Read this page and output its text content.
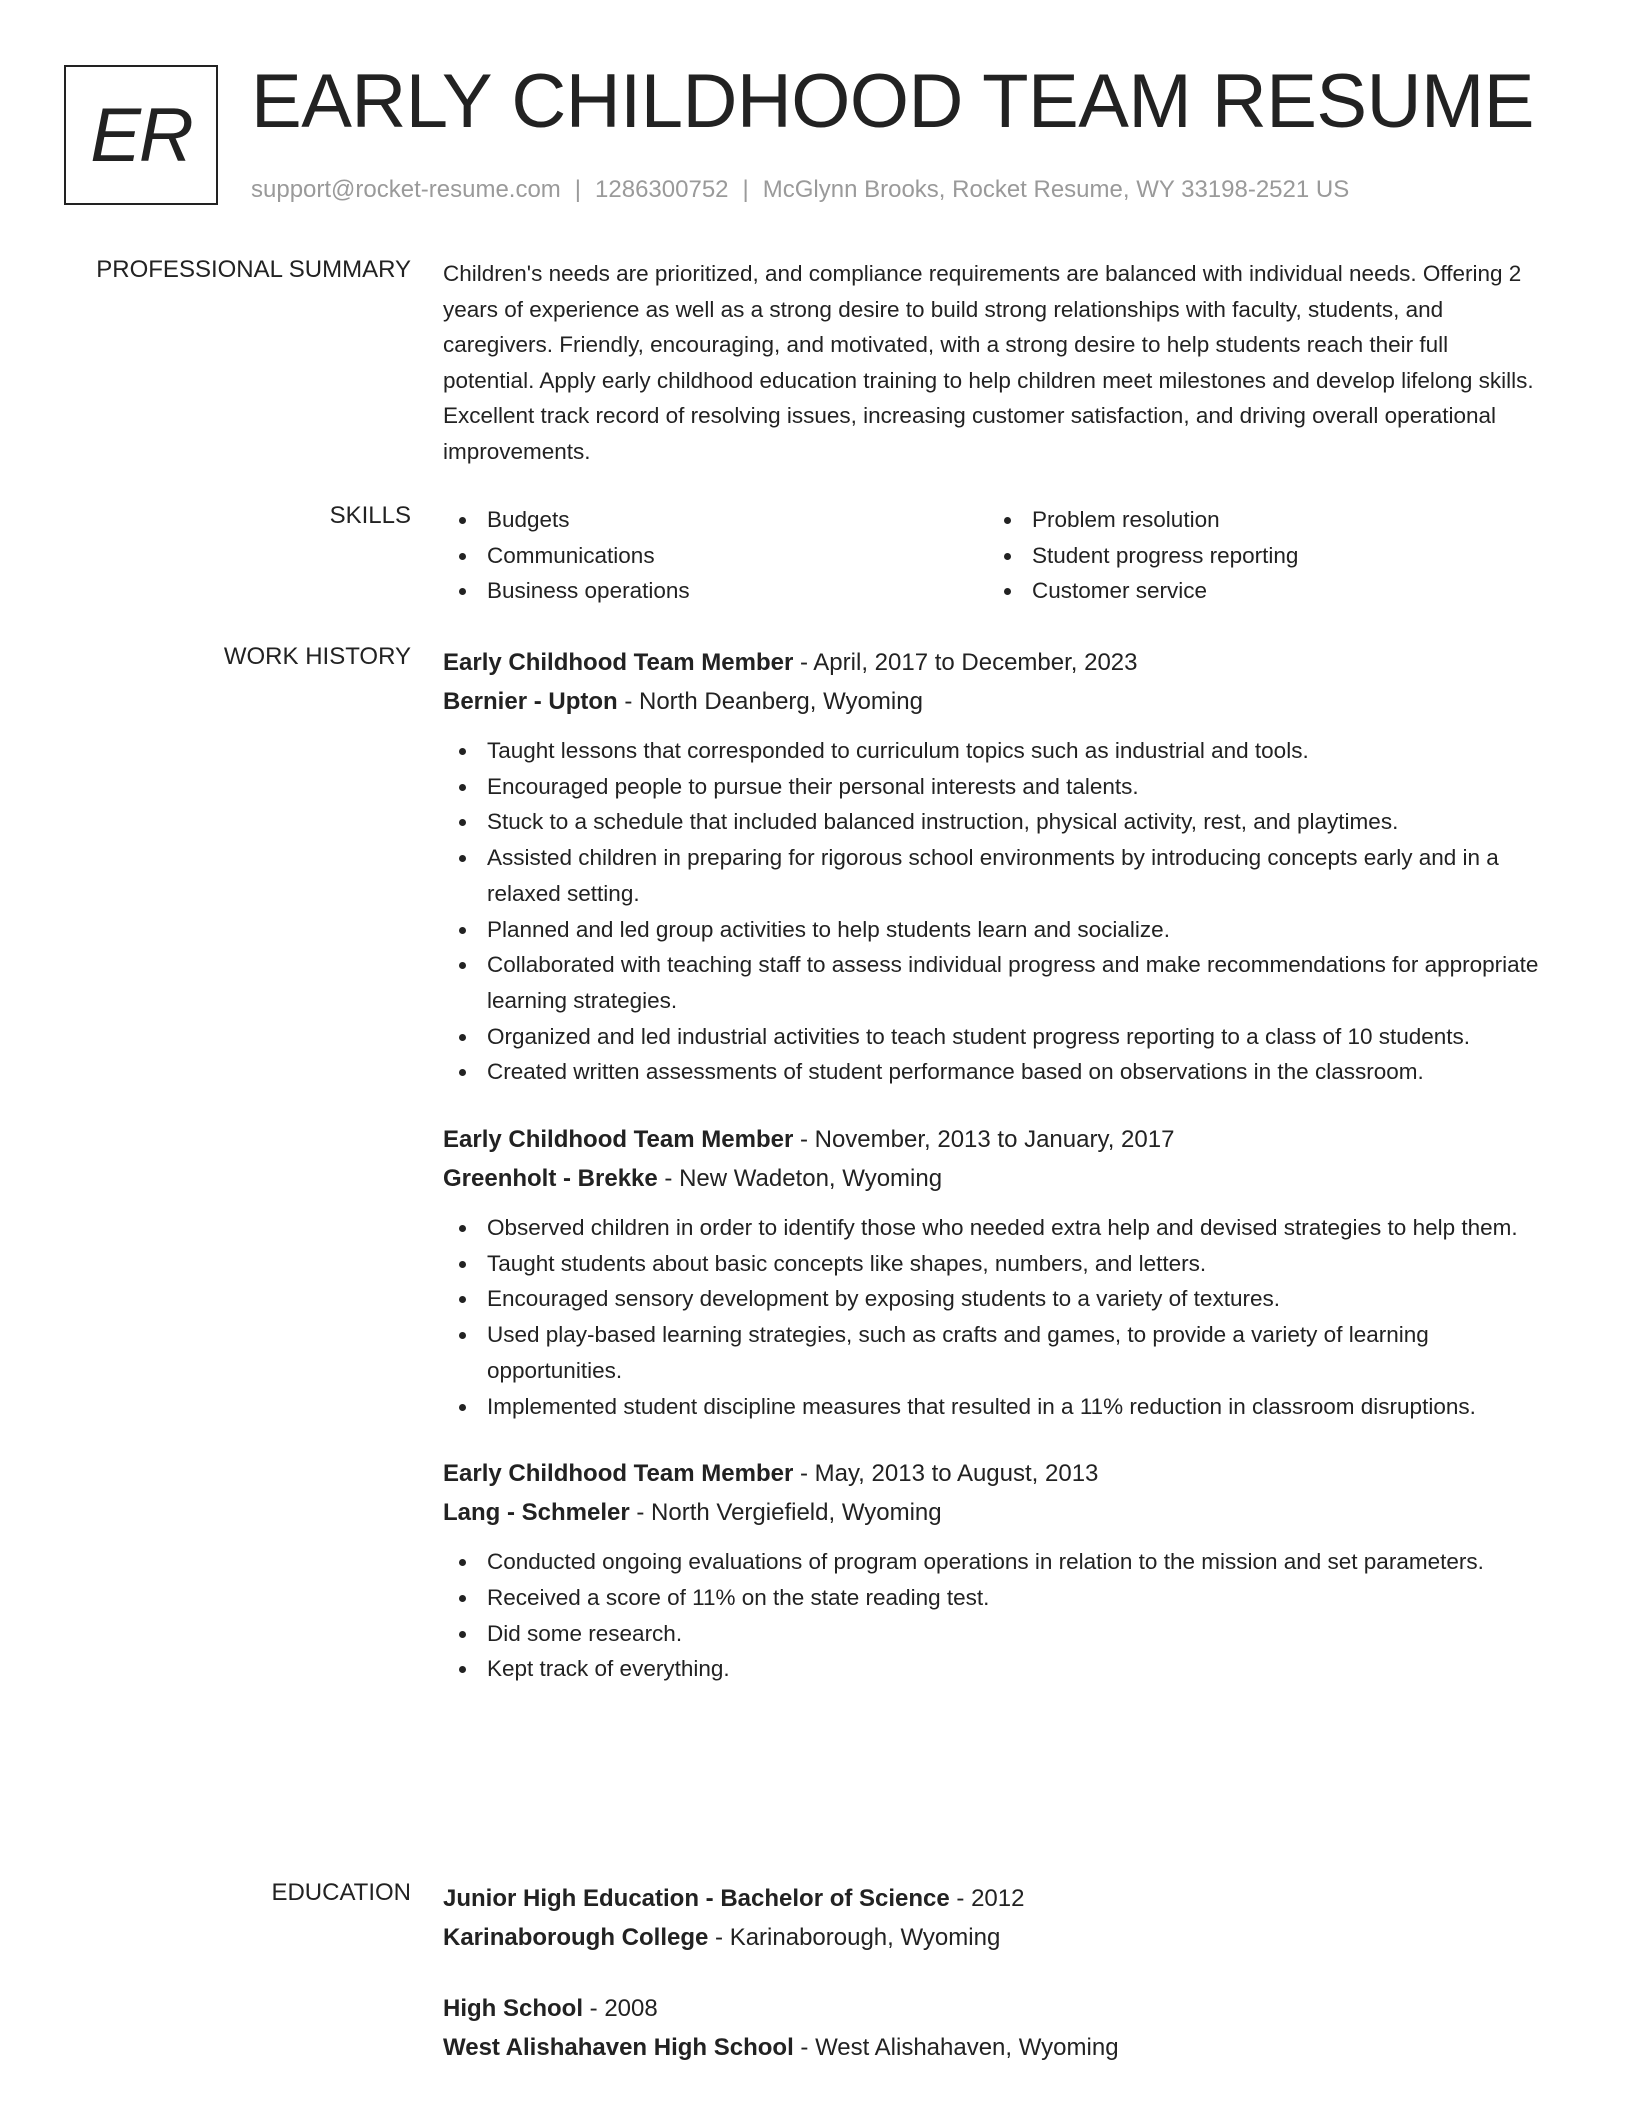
ER EARLY CHILDHOOD TEAM RESUME
support@rocket-resume.com | 1286300752 | McGlynn Brooks, Rocket Resume, WY 33198-2521 US
PROFESSIONAL SUMMARY Children's needs are prioritized, and compliance requirements are balanced with individual needs. Offering 2 years of experience as well as a strong desire to build strong relationships with faculty, students, and caregivers. Friendly, encouraging, and motivated, with a strong desire to help students reach their full potential. Apply early childhood education training to help children meet milestones and develop lifelong skills. Excellent track record of resolving issues, increasing customer satisfaction, and driving overall operational improvements.

SKILLS	Budgets
Communications
Business operations
Problem resolution
Student progress reporting
Customer service
WORK HISTORY Early Childhood Team Member - April, 2017 to December, 2023
Bernier - Upton - North Deanberg, Wyoming
Taught lessons that corresponded to curriculum topics such as industrial and tools.
Encouraged people to pursue their personal interests and talents.
Stuck to a schedule that included balanced instruction, physical activity, rest, and playtimes.
Assisted children in preparing for rigorous school environments by introducing concepts early and in a relaxed setting.
Planned and led group activities to help students learn and socialize.
Collaborated with teaching staff to assess individual progress and make recommendations for appropriate learning strategies.
Organized and led industrial activities to teach student progress reporting to a class of 10 students.
Created written assessments of student performance based on observations in the classroom.
Early Childhood Team Member - November, 2013 to January, 2017
Greenholt - Brekke - New Wadeton, Wyoming
Observed children in order to identify those who needed extra help and devised strategies to help them.
Taught students about basic concepts like shapes, numbers, and letters.
Encouraged sensory development by exposing students to a variety of textures.
Used play-based learning strategies, such as crafts and games, to provide a variety of learning opportunities.
Implemented student discipline measures that resulted in a 11% reduction in classroom disruptions.
Early Childhood Team Member - May, 2013 to August, 2013
Lang - Schmeler - North Vergiefield, Wyoming
Conducted ongoing evaluations of program operations in relation to the mission and set parameters.
Received a score of 11% on the state reading test.
Did some research.
Kept track of everything.
EDUCATION Junior High Education - Bachelor of Science - 2012
Karinaborough College - Karinaborough, Wyoming
High School - 2008
West Alishahaven High School - West Alishahaven, Wyoming
